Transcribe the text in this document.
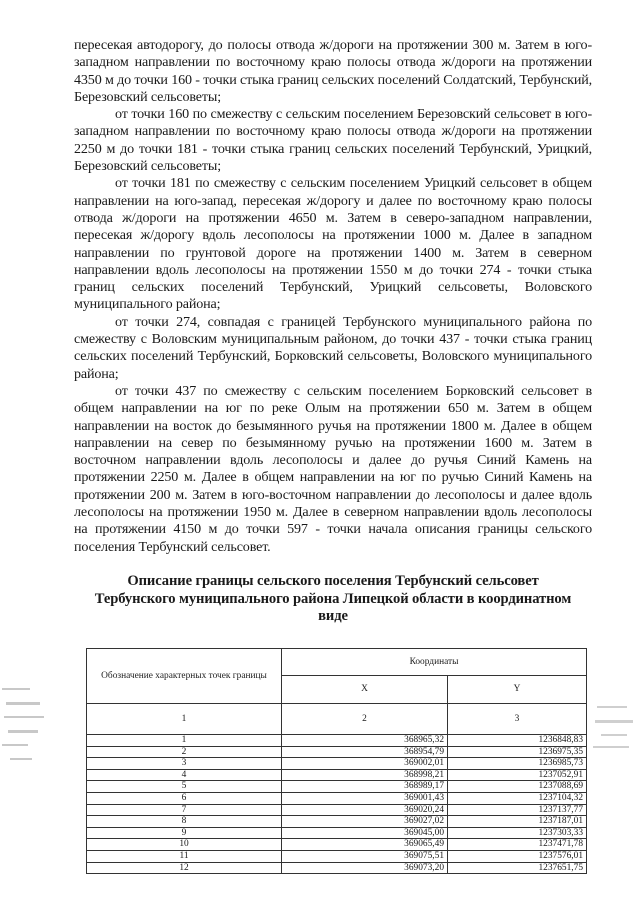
пересекая автодорогу, до полосы отвода ж/дороги на протяжении 300 м. Затем в юго-западном направлении по восточному краю полосы отвода ж/дороги на протяжении 4350 м до точки 160 - точки стыка границ сельских поселений Солдатский, Тербунский, Березовский сельсоветы;

от точки 160 по смежеству с сельским поселением Березовский сельсовет в юго-западном направлении по восточному краю полосы отвода ж/дороги на протяжении 2250 м до точки 181 - точки стыка границ сельских поселений Тербунский, Урицкий, Березовский сельсоветы;

от точки 181 по смежеству с сельским поселением Урицкий сельсовет в общем направлении на юго-запад, пересекая ж/дорогу и далее по восточному краю полосы отвода ж/дороги на протяжении 4650 м. Затем в северо-западном направлении, пересекая ж/дорогу вдоль лесополосы на протяжении 1000 м. Далее в западном направлении по грунтовой дороге на протяжении 1400 м. Затем в северном направлении вдоль лесополосы на протяжении 1550 м до точки 274 - точки стыка границ сельских поселений Тербунский, Урицкий сельсоветы, Воловского муниципального района;

от точки 274, совпадая с границей Тербунского муниципального района по смежеству с Воловским муниципальным районом, до точки 437 - точки стыка границ сельских поселений Тербунский, Борковский сельсоветы, Воловского муниципального района;

от точки 437 по смежеству с сельским поселением Борковский сельсовет в общем направлении на юг по реке Олым на протяжении 650 м. Затем в общем направлении на восток до безымянного ручья на протяжении 1800 м. Далее в общем направлении на север по безымянному ручью на протяжении 1600 м. Затем в восточном направлении вдоль лесополосы и далее до ручья Синий Камень на протяжении 2250 м. Далее в общем направлении на юг по ручью Синий Камень на протяжении 200 м. Затем в юго-восточном направлении до лесополосы и далее вдоль лесополосы на протяжении 1950 м. Далее в северном направлении вдоль лесополосы на протяжении 4150 м до точки 597 - точки начала описания границы сельского поселения Тербунский сельсовет.

Описание границы сельского поселения Тербунский сельсовет
Тербунского муниципального района Липецкой области в координатном
виде
Обозначение характерных точек границы	Координаты	
	X	Y
1	2	3
1	368965,32	1236848,83
2	368954,79	1236975,35
3	369002,01	1236985,73
4	368998,21	1237052,91
5	368989,17	1237088,69
6	369001,43	1237104,32
7	369020,24	1237137,77
8	369027,02	1237187,01
9	369045,00	1237303,33
10	369065,49	1237471,78
11	369075,51	1237576,01
12	369073,20	1237651,75
